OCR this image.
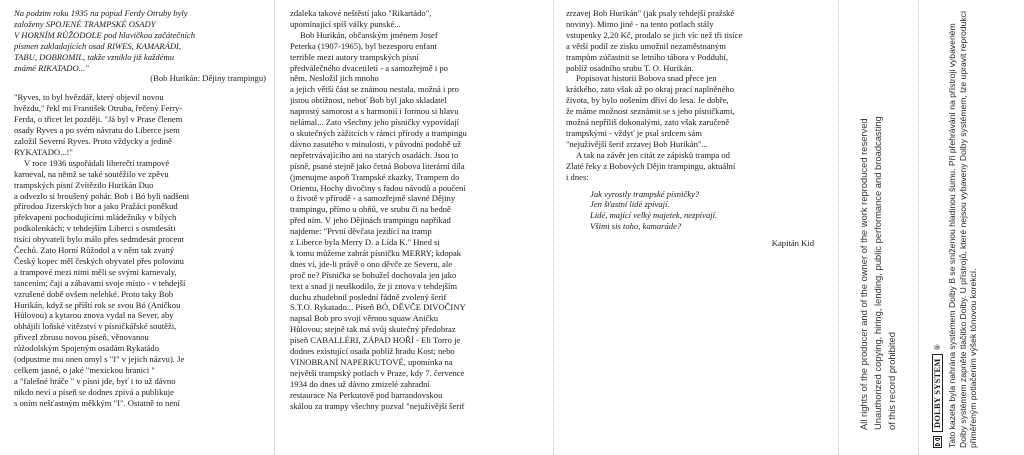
Na podzim roku 1935 na popud Ferdy Otruby byly
založeny SPOJENÉ TRAMPSKÉ OSADY
V HORNÍM RŮŽODOLE pod hlavičkou začátečních
písmen zakladajících osad RIWES, KAMARÁDI,
TABU, DOBROMIL, takže vzniklo již každému
známé RIKATADO..."

(Bob Hurikán: Dějiny trampingu)

"Ryves, to byl hvězdář, který objevil novou
hvězdu," řekl mi František Otruba, řečený Ferry-
Ferda, o třicet let později. "Já byl v Prase členem
osady Ryves a po svém návratu do Liberce jsem
založil Severní Ryves. Proto vždycky a jedině
RYKATADO...!"
V roce 1936 uspořádali liberečtí trampové
karneval, na němž se také soutěžilo ve zpěvu
trampských písní Zvítězilo Hurikán Duo
a odvezlo si broušený pohár. Bob i Bó byli nadšeni
přírodou Jizerských hor a jako Pražáci poněkud
překvapeni pochodujícími mládežníky v bílých
podkolenkách; v tehdejším Liberci s osmdesáti
tisíci obyvateli bylo málo přes sedmdesát procent
Čechů. Zato Horní Růžodol a v něm tak zvaný
Český kopec měl českých obyvatel přes polovinu
a trampové mezi nimi měli se svými karnevaly,
tancením; čaji a zábavami svoje místo - v tehdejší
vzrušené době ovšem nelehké. Proto taky Bob
Hurikán, když se příští rok se svou Bó (Aničkou
Hůlovou) a kytarou znova vydal na Sever, aby
obhájili loňské vítězství v písničkářské soutěži,
přivezl zbrusu novou píseň, věnovanou
růžodolským Spojeným osadám Rykatádo
(odpustme mu onen omyl s "I" v jejich názvu). Je
celkem jasné, o jaké "mexickou hranici "
a "falešné hráče " v písni jde, byť i to už dávno
nikdo neví a píseň se dodnes zpívá a publikuje
s oním nešťastným měkkým "I". Ostatně to není
zdaleka takové neštěstí jako "Rikartádo",
upomínající spíš války punské...
Bob Hurikán, občanským jménem Josef
Peterka (1907-1965), byl bezesporu enfant
terrible mezi autory trampských písní
předválečného dvacetiletí - a samozřejmě i po
něm. Nesložil jich mnoho
a jejich větší část se známou nestala, možná i pro
jistou obtížnost, neboť Bob byl jako skladatel
naprostý samorost a s harmonií i formou si hlavu
nelámal... Zato všechny jeho písničky vypovídají
o skutečných zážitcích v rámci přírody a trampingu
dávno zasutého v minulosti, v původní podobě už
nepřetrvávajícího ani na starých osadách. Jsou to
písně, psané stejně jako četná Bobova literární díla
(jmenujme aspoň Trampské zkazky, Trampem do
Orientu, Hochy divočiny s řadou návodů a poučení
o životě v přírodě - a samozřejmě slavné Dějiny
trampingu, přímo u ohňů, ve srubu či na bedně
před ním. V jeho Dějinách trampingu napříkad
najdeme: "První děvčata jezdící na tramp
z Liberce byla Merry D. a Lída K." Hned si
k tomu můžeme zahrát písničku MERRY; kdopak
dnes ví, jde-li právě o ono děvče ze Severu, ale
proč ne? Písnička se bohužel dochovala jen jako
text a snad ji neuškodilo, že ji znova v tehdejším
duchu zhudebnil poslední řádně zvolený šerif
S.T.O. Rykatado... Píseň BÓ, DĚVČE DIVOČINY
napsal Bob pro svoji věrnou squaw Aničku
Hůlovou; stejně tak má svůj skutečný předobraz
píseň CABALLÉRI, ZÁPAD HOŘÍ - Eli Torro je
dodnes existující osada poblíž hradu Kost; nebo
VINOBRANÍ NAPERKUTOVÉ, upomínka na
největší trampský potlach v Praze, kdy 7. července
1934 do dnes už dávno zmizelé zahradní
restaurace Na Perkutově pod barrandovskou
skálou za trampy všechny pozval "nejužívější šerif
zrzavej Bob Hurikán" (jak psaly tehdejší pražské
noviny). Mimo jiné - na tento potlach stály
vstupenky 2,20 Kč, prodalo se jich víc než tři tisíce
a větší podíl ze zisku umožnil nezaměstnaným
trampům zúčastnit se letního tábora v Poddubí,
poblíž osadního srubu T. O. Hurikán.
Popisovat historii Bobova snad přece jen
krátkého, zato však až po okraj prací naplněného
života, by bylo nošením dříví do lesa. Je dobře,
že máme možnost seznámit se s jeho písničkami,
možná nepříliš dokonalými, zato však zaručeně
trampskými - vždyť je psal srdcem sám
"nejuživější šerif zrzavej Bob Hurikán"...
A tak na závěr jen citát ze zápisků trampa od
Zlaté řeky z Bobových Dějin trampingu, aktuální
i dnes:
Jak vyrostly trampské písničky?
Jen šťastní lidé zpívají.
Lidé, mající velký majetek, nezpívají.
Všimi sis toho, kamaráde?
Kapitán Kid	All rights of the producer and of the owner of the work reproduced reserved Unauthorized copying, hiring, lending, public performance and broadcasting of this record prohibited	DOLBY SYSTEM
® Tato kazeta byla nahrána systémem Dolby B se sníženou hladinou šumu. Při přehrávání na přístroji vybaveném Dolby systémem zapněte tlačítko Dolby. U přístrojů, které nejsou vybaveny Dolby systémem, lze upravit reprodukci přiměřeným potlačením výšek tónovou korekcí.
